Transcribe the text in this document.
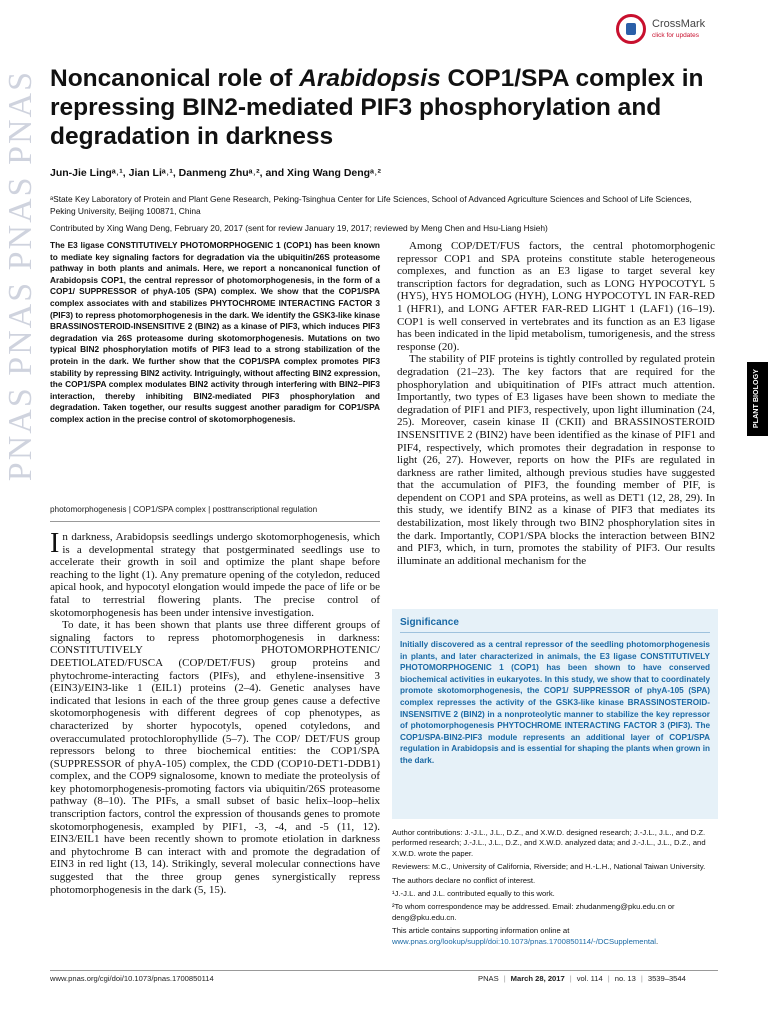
PNAS PNAS PNAS PNAS
CrossMark
click for updates
Noncanonical role of Arabidopsis COP1/SPA complex in repressing BIN2-mediated PIF3 phosphorylation and degradation in darkness
Jun-Jie Lingᵃ˒¹, Jian Liᵃ˒¹, Danmeng Zhuᵃ˒², and Xing Wang Dengᵃ˒²
ᵃState Key Laboratory of Protein and Plant Gene Research, Peking-Tsinghua Center for Life Sciences, School of Advanced Agriculture Sciences and School of Life Sciences, Peking University, Beijing 100871, China
Contributed by Xing Wang Deng, February 20, 2017 (sent for review January 19, 2017; reviewed by Meng Chen and Hsu-Liang Hsieh)
The E3 ligase CONSTITUTIVELY PHOTOMORPHOGENIC 1 (COP1) has been known to mediate key signaling factors for degradation via the ubiquitin/26S proteasome pathway in both plants and animals. Here, we report a noncanonical function of Arabidopsis COP1, the central repressor of photomorphogenesis, in the form of a COP1/ SUPPRESSOR of phyA-105 (SPA) complex. We show that the COP1/SPA complex associates with and stabilizes PHYTOCHROME INTERACTING FACTOR 3 (PIF3) to repress photomorphogenesis in the dark. We identify the GSK3-like kinase BRASSINOSTEROID-INSENSITIVE 2 (BIN2) as a kinase of PIF3, which induces PIF3 degradation via 26S proteasome during skotomorphogenesis. Mutations on two typical BIN2 phosphorylation motifs of PIF3 lead to a strong stabilization of the protein in the dark. We further show that the COP1/SPA complex promotes PIF3 stability by repressing BIN2 activity. Intriguingly, without affecting BIN2 expression, the COP1/SPA complex modulates BIN2 activity through interfering with BIN2–PIF3 interaction, thereby inhibiting BIN2-mediated PIF3 phosphorylation and degradation. Taken together, our results suggest another paradigm for COP1/SPA complex action in the precise control of skotomorphogenesis.
photomorphogenesis | COP1/SPA complex | posttranscriptional regulation

In darkness, Arabidopsis seedlings undergo skotomorphogenesis, which is a developmental strategy that postgerminated seedlings use to accelerate their growth in soil and optimize the plant shape before reaching to the light (1). Any premature opening of the cotyledon, reduced apical hook, and hypocotyl elongation would impede the pace of life or be fatal to terrestrial flowering plants. The precise control of skotomorphogenesis has been under intensive investigation.

To date, it has been shown that plants use three different groups of signaling factors to repress photomorphogenesis in darkness: CONSTITUTIVELY PHOTOMORPHOTENIC/ DEETIOLATED/FUSCA (COP/DET/FUS) group proteins and phytochrome-interacting factors (PIFs), and ethylene-insensitive 3 (EIN3)/EIN3-like 1 (EIL1) proteins (2–4). Genetic analyses have indicated that lesions in each of the three group genes cause a defective skotomorphogenesis with different degrees of cop phenotypes, as characterized by shorter hypocotyls, opened cotyledons, and overaccumulated protochlorophyllide (5–7). The COP/ DET/FUS group repressors belong to three biochemical entities: the COP1/SPA (SUPPRESSOR of phyA-105) complex, the CDD (COP10-DET1-DDB1) complex, and the COP9 signalosome, known to mediate the proteolysis of key photomorphogenesis-promoting factors via ubiquitin/26S proteasome pathway (8–10). The PIFs, a small subset of basic helix–loop–helix transcription factors, control the expression of thousands genes to promote skotomorphogenesis, exampled by PIF1, -3, -4, and -5 (11, 12). EIN3/EIL1 have been recently shown to promote etiolation in darkness and phytochrome B can interact with and promote the degradation of EIN3 in red light (13, 14). Strikingly, several molecular connections have suggested that the three group genes synergistically repress photomorphogenesis in the dark (5, 15).

Among COP/DET/FUS factors, the central photomorphogenic repressor COP1 and SPA proteins constitute stable heterogeneous complexes, and function as an E3 ligase to target several key transcription factors for degradation, such as LONG HYPOCOTYL 5 (HY5), HY5 HOMOLOG (HYH), LONG HYPOCOTYL IN FAR-RED 1 (HFR1), and LONG AFTER FAR-RED LIGHT 1 (LAF1) (16–19). COP1 is well conserved in vertebrates and its function as an E3 ligase has been indicated in the lipid metabolism, tumorigenesis, and the stress response (20).

The stability of PIF proteins is tightly controlled by regulated protein degradation (21–23). The key factors that are required for the phosphorylation and ubiquitination of PIFs attract much attention. Importantly, two types of E3 ligases have been shown to mediate the degradation of PIF1 and PIF3, respectively, upon light illumination (24, 25). Moreover, casein kinase II (CKII) and BRASSINOSTEROID INSENSITIVE 2 (BIN2) have been identified as the kinase of PIF1 and PIF4, respectively, which promotes their degradation in response to light (26, 27). However, reports on how the PIFs are regulated in darkness are rather limited, although previous studies have suggested that the accumulation of PIF3, the founding member of PIF, is dependent on COP1 and SPA proteins, as well as DET1 (12, 28, 29). In this study, we identify BIN2 as a kinase of PIF3 that mediates its destabilization, most likely through two BIN2 phosphorylation sites in the dark. Importantly, COP1/SPA blocks the interaction between BIN2 and PIF3, which, in turn, promotes the stability of PIF3. Our results illuminate an additional mechanism for the

Significance
Initially discovered as a central repressor of the seedling photomorphogenesis in plants, and later characterized in animals, the E3 ligase CONSTITUTIVELY PHOTOMORPHOGENIC 1 (COP1) has been shown to have conserved biochemical activities in eukaryotes. In this study, we show that to coordinately promote skotomorphogenesis, the COP1/ SUPPRESSOR of phyA-105 (SPA) complex represses the activity of the GSK3-like kinase BRASSINOSTEROID-INSENSITIVE 2 (BIN2) in a nonproteolytic manner to stabilize the key repressor of photomorphogenesis PHYTOCHROME INTERACTING FACTOR 3 (PIF3). The COP1/SPA-BIN2-PIF3 module represents an additional layer of COP1/SPA regulation in Arabidopsis and is essential for shaping the plants when grown in the dark.

Author contributions: J.-J.L., J.L., D.Z., and X.W.D. designed research; J.-J.L., J.L., and D.Z. performed research; J.-J.L., J.L., D.Z., and X.W.D. analyzed data; and J.-J.L., J.L., D.Z., and X.W.D. wrote the paper.

Reviewers: M.C., University of California, Riverside; and H.-L.H., National Taiwan University.

The authors declare no conflict of interest.

¹J.-J.L. and J.L. contributed equally to this work.

²To whom correspondence may be addressed. Email: zhudanmeng@pku.edu.cn or deng@pku.edu.cn.

This article contains supporting information online at www.pnas.org/lookup/suppl/doi:10.1073/pnas.1700850114/-/DCSupplemental.

PLANT BIOLOGY
www.pnas.org/cgi/doi/10.1073/pnas.1700850114	PNAS | March 28, 2017 | vol. 114 | no. 13 | 3539–3544
